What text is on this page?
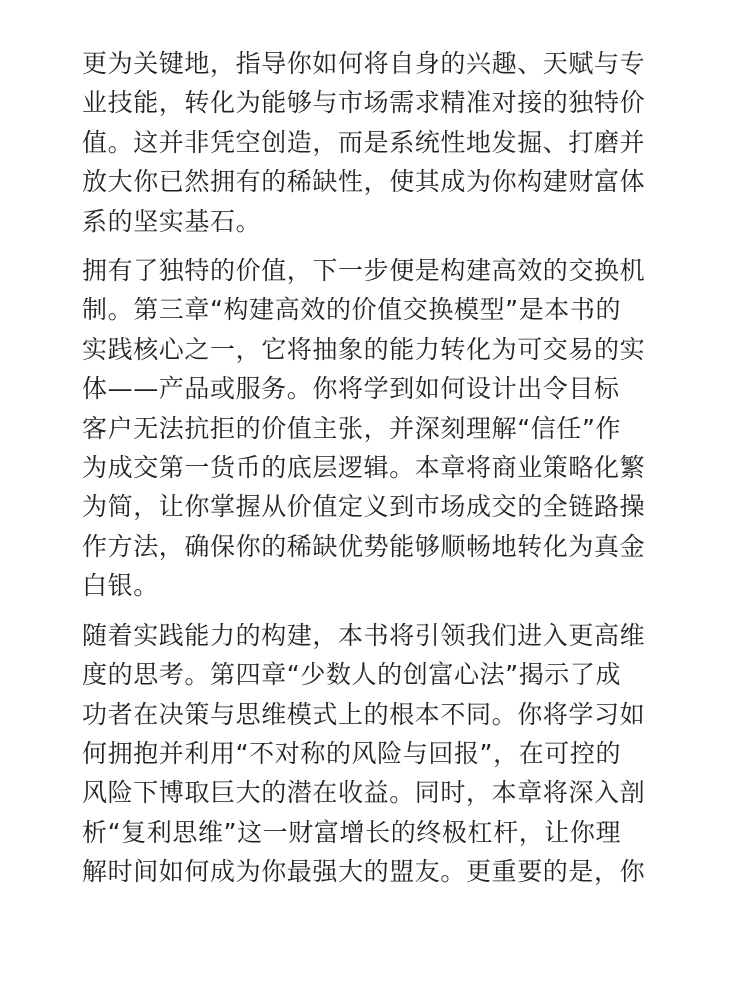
更为关键地，指导你如何将自身的兴趣、天赋与专
业技能，转化为能够与市场需求精准对接的独特价
值。这并非凭空创造，而是系统性地发掘、打磨并
放大你已然拥有的稀缺性，使其成为你构建财富体
系的坚实基石。

拥有了独特的价值，下一步便是构建高效的交换机
制。第三章“构建高效的价值交换模型”是本书的
实践核心之一，它将抽象的能力转化为可交易的实
体——产品或服务。你将学到如何设计出令目标
客户无法抗拒的价值主张，并深刻理解“信任”作
为成交第一货币的底层逻辑。本章将商业策略化繁
为简，让你掌握从价值定义到市场成交的全链路操
作方法，确保你的稀缺优势能够顺畅地转化为真金
白银。

随着实践能力的构建，本书将引领我们进入更高维
度的思考。第四章“少数人的创富心法”揭示了成
功者在决策与思维模式上的根本不同。你将学习如
何拥抱并利用“不对称的风险与回报”，在可控的
风险下博取巨大的潜在收益。同时，本章将深入剖
析“复利思维”这一财富增长的终极杠杆，让你理
解时间如何成为你最强大的盟友。更重要的是，你
